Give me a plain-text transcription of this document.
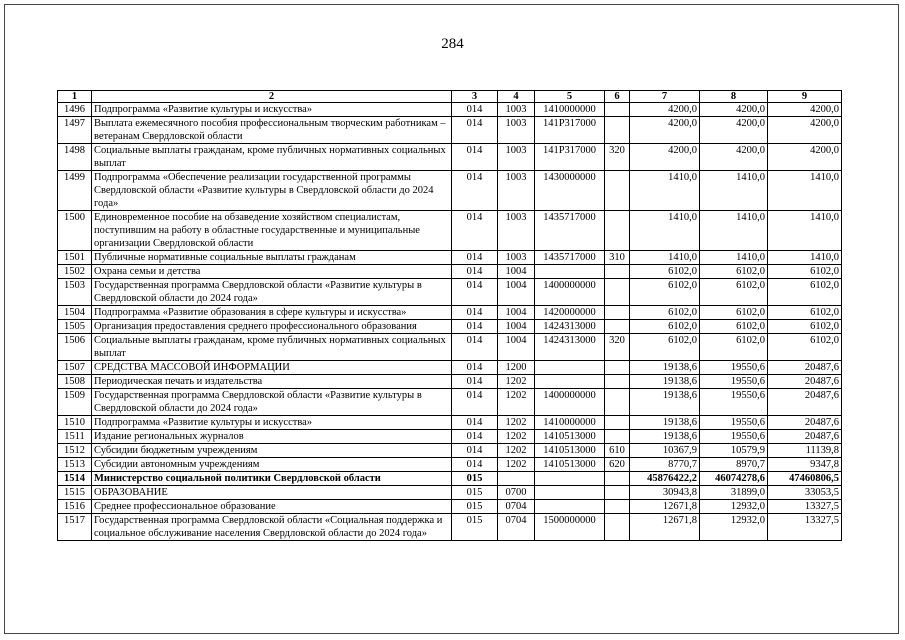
284
1	2	3	4	5	6	7	8	9
1496	Подпрограмма «Развитие культуры и искусства»	014	1003	1410000000		4200,0	4200,0	4200,0
1497	Выплата ежемесячного пособия профессиональным творческим работникам – ветеранам Свердловской области	014	1003	141P317000		4200,0	4200,0	4200,0
1498	Социальные выплаты гражданам, кроме публичных нормативных социальных выплат	014	1003	141P317000	320	4200,0	4200,0	4200,0
1499	Подпрограмма «Обеспечение реализации государственной программы Свердловской области «Развитие культуры в Свердловской области до 2024 года»	014	1003	1430000000		1410,0	1410,0	1410,0
1500	Единовременное пособие на обзаведение хозяйством специалистам, поступившим на работу в областные государственные и муниципальные организации Свердловской области	014	1003	1435717000		1410,0	1410,0	1410,0
1501	Публичные нормативные социальные выплаты гражданам	014	1003	1435717000	310	1410,0	1410,0	1410,0
1502	Охрана семьи и детства	014	1004			6102,0	6102,0	6102,0
1503	Государственная программа Свердловской области «Развитие культуры в Свердловской области до 2024 года»	014	1004	1400000000		6102,0	6102,0	6102,0
1504	Подпрограмма «Развитие образования в сфере культуры и искусства»	014	1004	1420000000		6102,0	6102,0	6102,0
1505	Организация предоставления среднего профессионального образования	014	1004	1424313000		6102,0	6102,0	6102,0
1506	Социальные выплаты гражданам, кроме публичных нормативных социальных выплат	014	1004	1424313000	320	6102,0	6102,0	6102,0
1507	СРЕДСТВА МАССОВОЙ ИНФОРМАЦИИ	014	1200			19138,6	19550,6	20487,6
1508	Периодическая печать и издательства	014	1202			19138,6	19550,6	20487,6
1509	Государственная программа Свердловской области «Развитие культуры в Свердловской области до 2024 года»	014	1202	1400000000		19138,6	19550,6	20487,6
1510	Подпрограмма «Развитие культуры и искусства»	014	1202	1410000000		19138,6	19550,6	20487,6
1511	Издание региональных журналов	014	1202	1410513000		19138,6	19550,6	20487,6
1512	Субсидии бюджетным учреждениям	014	1202	1410513000	610	10367,9	10579,9	11139,8
1513	Субсидии автономным учреждениям	014	1202	1410513000	620	8770,7	8970,7	9347,8
1514	Министерство социальной политики Свердловской области	015				45876422,2	46074278,6	47460806,5
1515	ОБРАЗОВАНИЕ	015	0700			30943,8	31899,0	33053,5
1516	Среднее профессиональное образование	015	0704			12671,8	12932,0	13327,5
1517	Государственная программа Свердловской области «Социальная поддержка и социальное обслуживание населения Свердловской области до 2024 года»	015	0704	1500000000		12671,8	12932,0	13327,5
